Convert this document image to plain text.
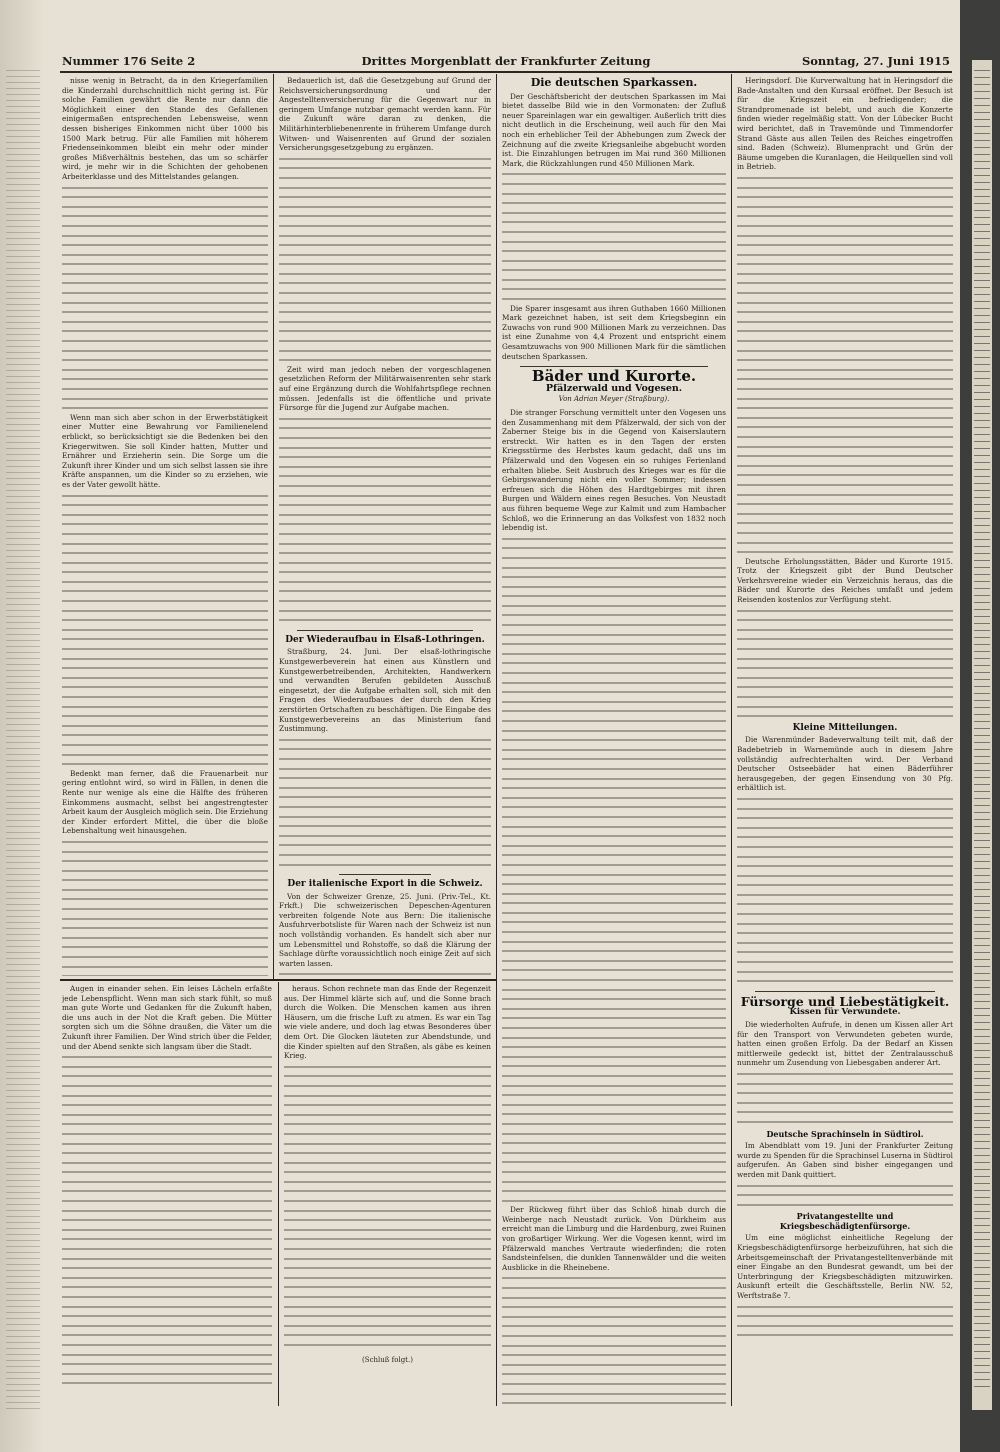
Nummer 176 Seite 2	Drittes Morgenblatt der Frankfurter Zeitung	Sonntag, 27. Juni 1915

nisse wenig in Betracht, da in den Kriegerfamilien die Kinderzahl durchschnittlich nicht gering ist. Für solche Familien gewährt die Rente nur dann die Möglichkeit einer den Stande des Gefallenen einigermaßen entsprechenden Lebensweise, wenn dessen bisheriges Einkommen nicht über 1000 bis 1500 Mark betrug. Für alle Familien mit höherem Friedenseinkommen bleibt ein mehr oder minder großes Mißverhältnis bestehen, das um so schärfer wird, je mehr wir in die Schichten der gehobenen Arbeiterklasse und des Mittelstandes gelangen.

Wenn man sich aber schon in der Erwerbstätigkeit einer Mutter eine Bewahrung vor Familienelend erblickt, so berücksichtigt sie die Bedenken bei den Kriegerwitwen. Sie soll Kinder hatten, Mutter und Ernährer und Erzieherin sein. Die Sorge um die Zukunft ihrer Kinder und um sich selbst lassen sie ihre Kräfte anspannen, um die Kinder so zu erziehen, wie es der Vater gewollt hätte.

Bedenkt man ferner, daß die Frauenarbeit nur gering entlohnt wird, so wird in Fällen, in denen die Rente nur wenige als eine die Hälfte des früheren Einkommens ausmacht, selbst bei angestrengtester Arbeit kaum der Ausgleich möglich sein. Die Erziehung der Kinder erfordert Mittel, die über die bloße Lebenshaltung weit hinausgehen.

Bedauerlich ist, daß die Gesetzgebung auf Grund der Reichsversicherungsordnung und der Angestelltenversicherung für die Gegenwart nur in geringem Umfange nutzbar gemacht werden kann. Für die Zukunft wäre daran zu denken, die Militärhinterbliebenenrente in früherem Umfange durch Witwen- und Waisenrenten auf Grund der sozialen Versicherungsgesetzgebung zu ergänzen.

Zeit wird man jedoch neben der vorgeschlagenen gesetzlichen Reform der Militärwaisenrenten sehr stark auf eine Ergänzung durch die Wohlfahrtspflege rechnen müssen. Jedenfalls ist die öffentliche und private Fürsorge für die Jugend zur Aufgabe machen.

Der Wiederaufbau in Elsaß-Lothringen.

Straßburg, 24. Juni. Der elsaß-lothringische Kunstgewerbeverein hat einen aus Künstlern und Kunstgewerbetreibenden, Architekten, Handwerkern und verwandten Berufen gebildeten Ausschuß eingesetzt, der die Aufgabe erhalten soll, sich mit den Fragen des Wiederaufbaues der durch den Krieg zerstörten Ortschaften zu beschäftigen. Die Eingabe des Kunstgewerbevereins an das Ministerium fand Zustimmung.

Der italienische Export in die Schweiz.

Von der Schweizer Grenze, 25. Juni. (Priv.-Tel., Kt. Frkft.) Die schweizerischen Depeschen-Agenturen verbreiten folgende Note aus Bern: Die italienische Ausfuhrverbotsliste für Waren nach der Schweiz ist nun noch vollständig vorhanden. Es handelt sich aber nur um Lebensmittel und Rohstoffe, so daß die Klärung der Sachlage dürfte voraussichtlich noch einige Zeit auf sich warten lassen.

Die deutschen Sparkassen.

Der Geschäftsbericht der deutschen Sparkassen im Mai bietet dasselbe Bild wie in den Vormonaten: der Zufluß neuer Spareinlagen war ein gewaltiger. Außerlich tritt dies nicht deutlich in die Erscheinung, weil auch für den Mai noch ein erheblicher Teil der Abhebungen zum Zweck der Zeichnung auf die zweite Kriegsanleihe abgebucht worden ist. Die Einzahlungen betrugen im Mai rund 360 Millionen Mark, die Rückzahlungen rund 450 Millionen Mark.

Die Sparer insgesamt aus ihren Guthaben 1660 Millionen Mark gezeichnet haben, ist seit dem Kriegsbeginn ein Zuwachs von rund 900 Millionen Mark zu verzeichnen. Das ist eine Zunahme von 4,4 Prozent und entspricht einem Gesamtzuwachs von 900 Millionen Mark für die sämtlichen deutschen Sparkassen.

Bäder und Kurorte.
Pfälzerwald und Vogesen.
Von Adrian Meyer (Straßburg).

Die stranger Forschung vermittelt unter den Vogesen uns den Zusammenhang mit dem Pfälzerwald, der sich von der Zaberner Steige bis in die Gegend von Kaiserslautern erstreckt. Wir hatten es in den Tagen der ersten Kriegsstürme des Herbstes kaum gedacht, daß uns im Pfälzerwald und den Vogesen ein so ruhiges Ferienland erhalten bliebe. Seit Ausbruch des Krieges war es für die Gebirgswanderung nicht ein voller Sommer; indessen erfreuen sich die Höhen des Hardtgebirges mit ihren Burgen und Wäldern eines regen Besuches. Von Neustadt aus führen bequeme Wege zur Kalmit und zum Hambacher Schloß, wo die Erinnerung an das Volksfest von 1832 noch lebendig ist.

Der Rückweg führt über das Schloß hinab durch die Weinberge nach Neustadt zurück. Von Dürkheim aus erreicht man die Limburg und die Hardenburg, zwei Ruinen von großartiger Wirkung. Wer die Vogesen kennt, wird im Pfälzerwald manches Vertraute wiederfinden; die roten Sandsteinfelsen, die dunklen Tannenwälder und die weiten Ausblicke in die Rheinebene.

Heringsdorf. Die Kurverwaltung hat in Heringsdorf die Bade-Anstalten und den Kursaal eröffnet. Der Besuch ist für die Kriegszeit ein befriedigender; die Strandpromenade ist belebt, und auch die Konzerte finden wieder regelmäßig statt. Von der Lübecker Bucht wird berichtet, daß in Travemünde und Timmendorfer Strand Gäste aus allen Teilen des Reiches eingetroffen sind. Baden (Schweiz). Blumenpracht und Grün der Bäume umgeben die Kuranlagen, die Heilquellen sind voll in Betrieb.

Deutsche Erholungsstätten, Bäder und Kurorte 1915. Trotz der Kriegszeit gibt der Bund Deutscher Verkehrsvereine wieder ein Verzeichnis heraus, das die Bäder und Kurorte des Reiches umfaßt und jedem Reisenden kostenlos zur Verfügung steht.

Kleine Mitteilungen.

Die Warenmünder Badeverwaltung teilt mit, daß der Badebetrieb in Warnemünde auch in diesem Jahre vollständig aufrechterhalten wird. Der Verband Deutscher Ostseebäder hat einen Bäderführer herausgegeben, der gegen Einsendung von 30 Pfg. erhältlich ist.

Fürsorge und Liebestätigkeit.
Kissen für Verwundete.

Die wiederholten Aufrufe, in denen um Kissen aller Art für den Transport von Verwundeten gebeten wurde, hatten einen großen Erfolg. Da der Bedarf an Kissen mittlerweile gedeckt ist, bittet der Zentralausschuß nunmehr um Zusendung von Liebesgaben anderer Art.

Deutsche Sprachinseln in Südtirol.

Im Abendblatt vom 19. Juni der Frankfurter Zeitung wurde zu Spenden für die Sprachinsel Luserna in Südtirol aufgerufen. An Gaben sind bisher eingegangen und werden mit Dank quittiert.

Privatangestellte und Kriegsbeschädigtenfürsorge.

Um eine möglichst einheitliche Regelung der Kriegsbeschädigtenfürsorge herbeizuführen, hat sich die Arbeitsgemeinschaft der Privatangestelltenverbände mit einer Eingabe an den Bundesrat gewandt, um bei der Unterbringung der Kriegsbeschädigten mitzuwirken. Auskunft erteilt die Geschäftsstelle, Berlin NW. 52, Werftstraße 7.

Augen in einander sehen. Ein leises Lächeln erfaßte jede Lebenspflicht. Wenn man sich stark fühlt, so muß man gute Worte und Gedanken für die Zukunft haben, die uns auch in der Not die Kraft geben. Die Mütter sorgten sich um die Söhne draußen, die Väter um die Zukunft ihrer Familien. Der Wind strich über die Felder, und der Abend senkte sich langsam über die Stadt.

heraus. Schon rechnete man das Ende der Regenzeit aus. Der Himmel klärte sich auf, und die Sonne brach durch die Wolken. Die Menschen kamen aus ihren Häusern, um die frische Luft zu atmen. Es war ein Tag wie viele andere, und doch lag etwas Besonderes über dem Ort. Die Glocken läuteten zur Abendstunde, und die Kinder spielten auf den Straßen, als gäbe es keinen Krieg.

(Schluß folgt.)
